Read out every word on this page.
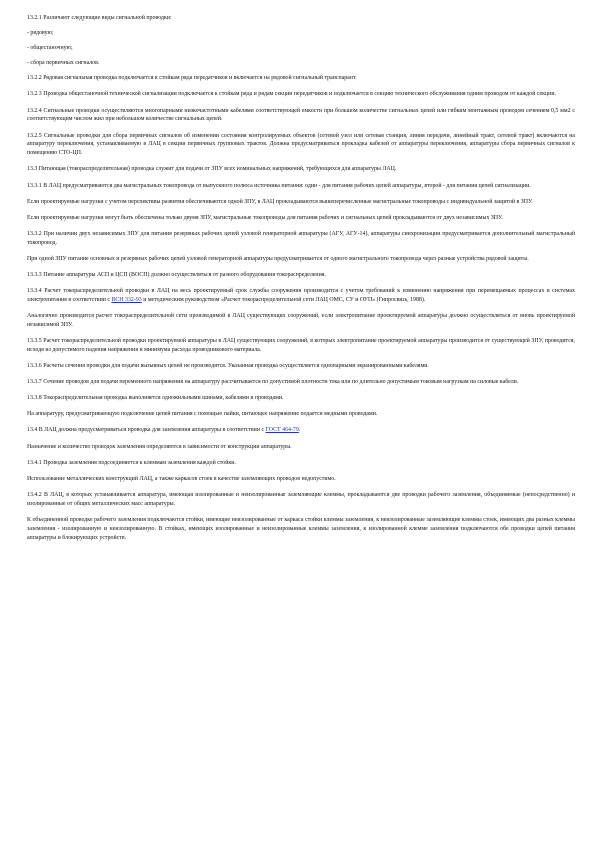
13.2.1 Различают следующие виды сигнальной проводки:

- рядовую;

- общестаночную;

- сбора первичных сигналов.

13.2.2 Рядовая сигнальная проводка подключается к стойкам ряда передатчиков и включается на рядовой сигнальный транспарант.

13.2.3 Проводка общестаночной технической сигнализации подключается к стойкам ряда и рядам секции передатчиков и подключается в секцию технического обслуживания одним проводом от каждой секции.

13.2.4 Сигнальные проводки осуществляются многопарными низкочастотными кабелями соответствующей емкости при большом количестве сигнальных цепей или гибким монтажным проводом сечением 0,5 мм2 с соответствующим числом жил при небольшом количестве сигнальных цепей.

13.2.5 Сигнальные проводки для сбора первичных сигналов об изменении состояния контролируемых объектов (сетевой узел или сетевая станция, линия передачи, линейный тракт, сетевой тракт) включаются на аппаратуру переключения, устанавливаемую в ЛАЦ в секции первичных групповых трактов. Должна предусматриваться прокладка кабелей от аппаратуры переключения, аппаратуры сбора первичных сигналов к помещению СТО-ЦП.

13.3 Питающая (токораспределительная) проводка служит для подачи от ЗПУ всех номинальных напряжений, требующихся для аппаратуры ЛАЦ.

13.3.1 В ЛАЦ предусматриваются два магистральных токопровода от выпускного полюса источника питания: один - для питания рабочих цепей аппаратуры, второй - для питания цепей сигнализации.

Если проектируемые нагрузки с учетом перспективы развития обеспечиваются одной ЗПУ, в ЛАЦ прокладываются вышеперечисленные магистральные токопроводы с индивидуальной защитой в ЗПУ.

Если проектируемые нагрузки могут быть обеспечены только двумя ЗПУ, магистральные токопроводы для питания рабочих и сигнальных цепей прокладываются от двух независимых ЗПУ.

13.3.2 При наличии двух независимых ЗПУ для питания резервных рабочих цепей узловой генераторной аппаратуры (АГУ, АГУ-14), аппаратуры синхронизации предусматривается дополнительный магистральный токопровод.

При одной ЗПУ питание основных и резервных рабочих цепей узловой генераторной аппаратуры предусматривается от одного магистрального токопровода через разные устройства рядовой защиты.

13.3.3 Питание аппаратуры АСП и ЦСП (ВОСП) должно осуществляться от разного оборудования токораспределения.

13.3.4 Расчет токораспределительной проводки в ЛАЦ на весь проектируемый срок службы сооружения производится с учетом требований к изменению напряжения при перемещаемых процессах в системах электропитания в соответствии с ВСН 332-93 и методическим руководством «Расчет токораспределительной сети ЛАЦ ОМС, СУ и ОУП» (Гипросвязь, 1988).

Аналогично производится расчет токораспределительной сети производимой в ЛАЦ существующих сооружений, если электропитание проектируемой аппаратуры должно осуществляться от вновь проектируемой независимой ЗПУ.

13.3.5 Расчет токораспределительной проводки проектируемой аппаратуры в ЛАЦ существующих сооружений, в которых электропитание проектируемой аппаратуры производится от существующей ЗПУ, проводится, исходя из допустимого падения напряжения и минимума расхода проводникового материала.

13.3.6 Расчеты сечения проводки для подачи вызывных цепей не производятся. Указанная проводка осуществляется однопарными экранированными кабелями.

13.3.7 Сечение проводов для подачи переменного напряжения на аппаратуру рассчитывается по допустимой плотности тока или по длительно допустимым токовым нагрузкам на силовые кабели.

13.3.8 Токораспределительная проводка выполняется одножильными шинами, кабелями и проводами.

На аппаратуру, предусматривающую подключение цепей питания с помощью пайки, питающее напряжение подается медными проводами.

13.4 В ЛАЦ должна предусматриваться проводка для заземления аппаратуры в соответствии с ГОСТ 464-79.

Назначение и количество проводок заземления определяются в зависимости от конструкции аппаратуры.

13.4.1 Проводка заземления подсоединяется к клеммам заземления каждой стойки.

Использование металлических конструкций ЛАЦ, а также каркасов стоек в качестве заземляющих проводов недопустимо.

13.4.2 В ЛАЦ, в которых устанавливается аппаратура, имеющая изолированные и неизолированные заземляющие клеммы, прокладываются две проводки рабочего заземления, объединяемые (непосредственно) и изолированные от общих металлических масс аппаратуры.

К объединенной проводке рабочего заземления подключаются стойки, имеющие неизолированные от каркаса стойки клеммы заземления, к неизолированные заземляющие клеммы стоек, имеющих два разных клеммы заземления - изолированную и неизолированную. В стойках, имеющих изолированные и неизолированные клеммы заземления, к изолированной клемме заземления подключаются обе проводки цепей питания аппаратуры и блокирующих устройств.
